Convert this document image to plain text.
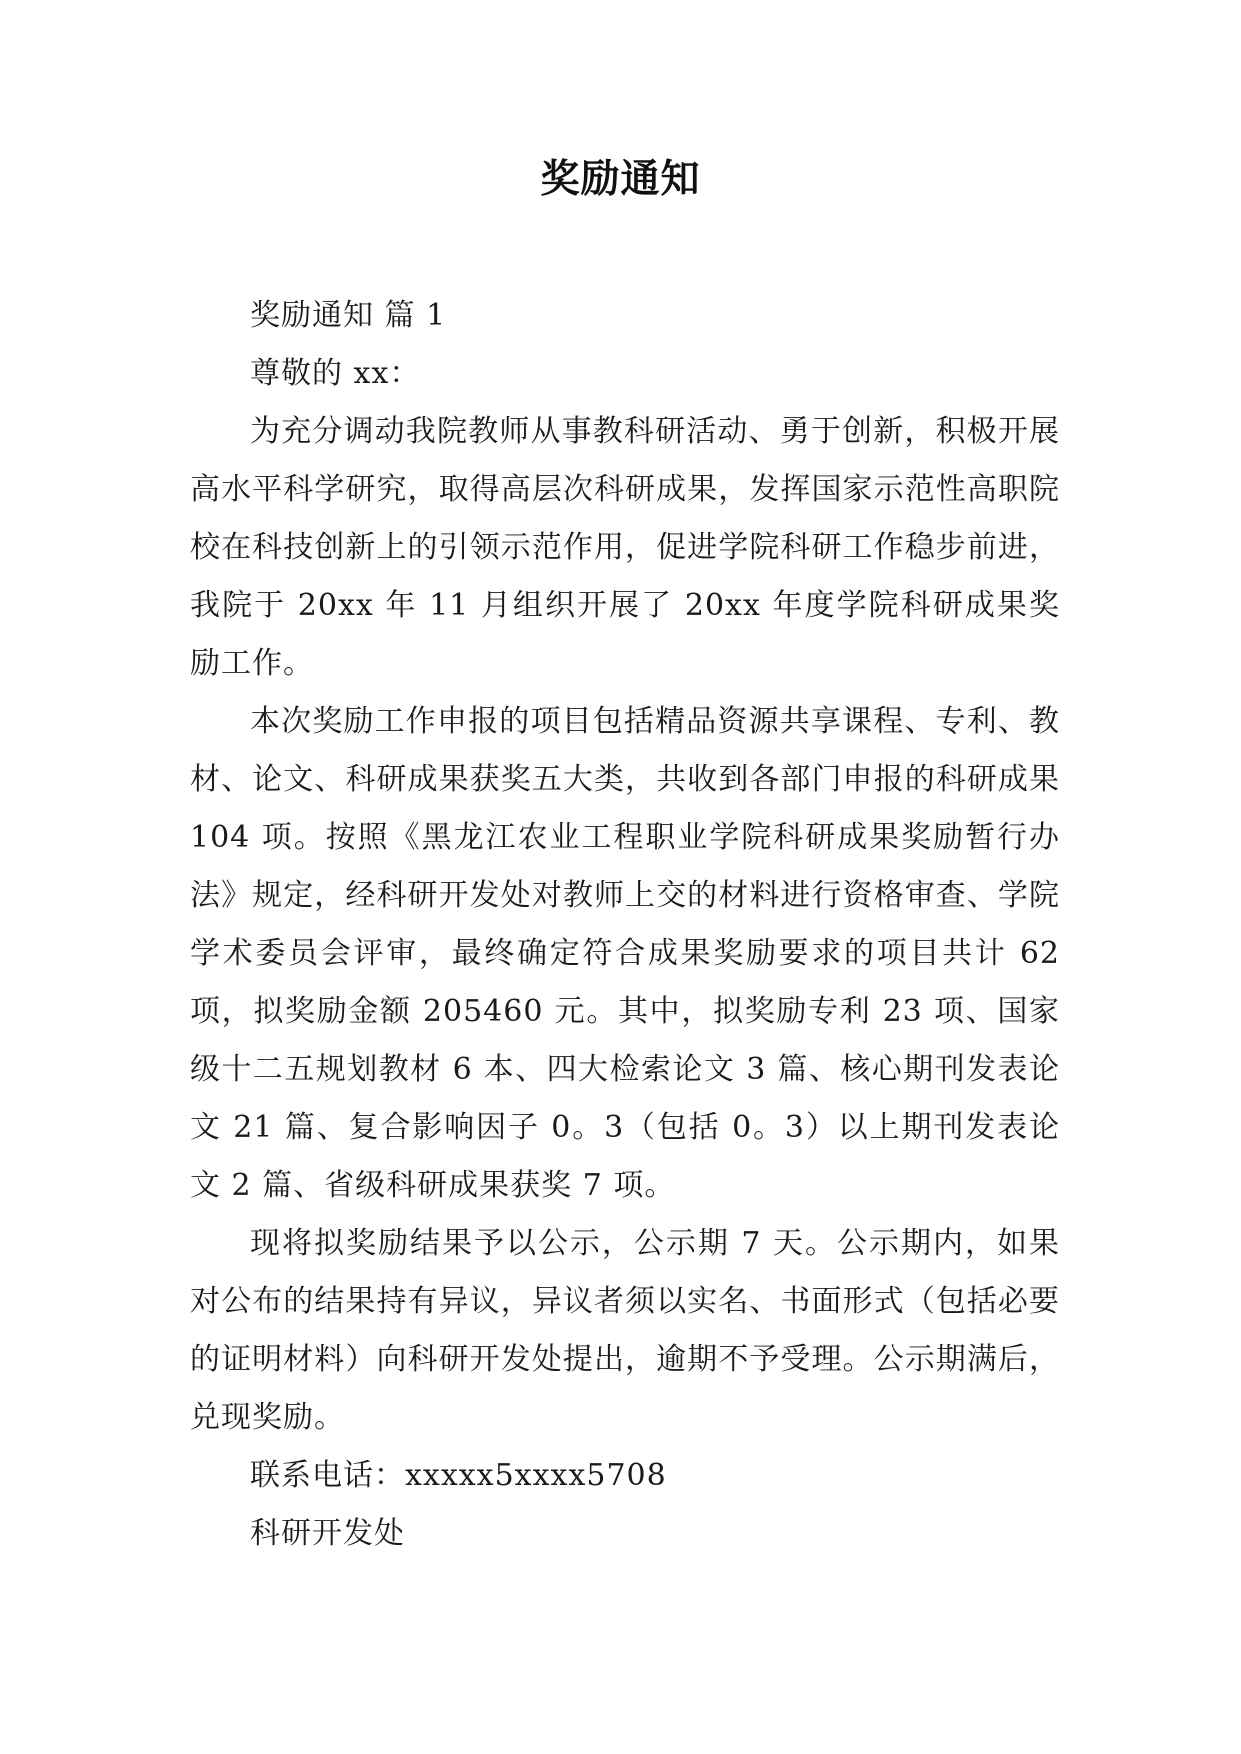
奖励通知

奖励通知 篇 1

尊敬的 xx：

为充分调动我院教师从事教科研活动、勇于创新，积极开展高水平科学研究，取得高层次科研成果，发挥国家示范性高职院校在科技创新上的引领示范作用，促进学院科研工作稳步前进，我院于 20xx 年 11 月组织开展了 20xx 年度学院科研成果奖励工作。

本次奖励工作申报的项目包括精品资源共享课程、专利、教材、论文、科研成果获奖五大类，共收到各部门申报的科研成果 104 项。按照《黑龙江农业工程职业学院科研成果奖励暂行办法》规定，经科研开发处对教师上交的材料进行资格审查、学院学术委员会评审，最终确定符合成果奖励要求的项目共计 62 项，拟奖励金额 205460 元。其中，拟奖励专利 23 项、国家级十二五规划教材 6 本、四大检索论文 3 篇、核心期刊发表论文 21 篇、复合影响因子 0。3（包括 0。3）以上期刊发表论文 2 篇、省级科研成果获奖 7 项。

现将拟奖励结果予以公示，公示期 7 天。公示期内，如果对公布的结果持有异议，异议者须以实名、书面形式（包括必要的证明材料）向科研开发处提出，逾期不予受理。公示期满后，兑现奖励。

联系电话：xxxxx5xxxx5708

科研开发处
